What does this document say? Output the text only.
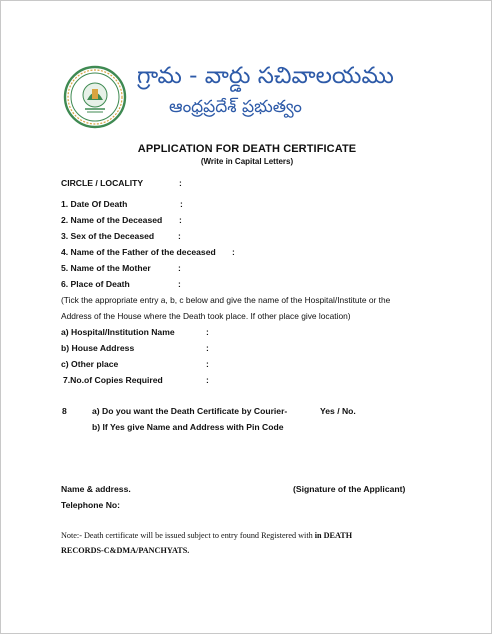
గ్రామ - వార్డు సచివాలయము
ఆంధ్రప్రదేశ్ ప్రభుత్వం
APPLICATION FOR DEATH CERTIFICATE
(Write in Capital Letters)
CIRCLE / LOCALITY	:
1. Date Of Death	:
2. Name of the Deceased :
3. Sex of the Deceased	:
4. Name of the Father of the deceased :
5. Name of the Mother	:
6. Place of Death	:
(Tick the appropriate entry a, b, c below and give the name of the Hospital/Institute or the
Address of the House where the Death took place. If other place give location)
a) Hospital/Institution Name	:
b) House Address	:
c) Other place	:
7.No.of Copies Required	:
8	a) Do you want the Death Certificate by Courier-	Yes / No.
b) If Yes give Name and Address with Pin Code
Name & address.	(Signature of the Applicant)
Telephone No:
Note:- Death certificate will be issued subject to entry found Registered with in DEATH
RECORDS-C&DMA/PANCHYATS.
